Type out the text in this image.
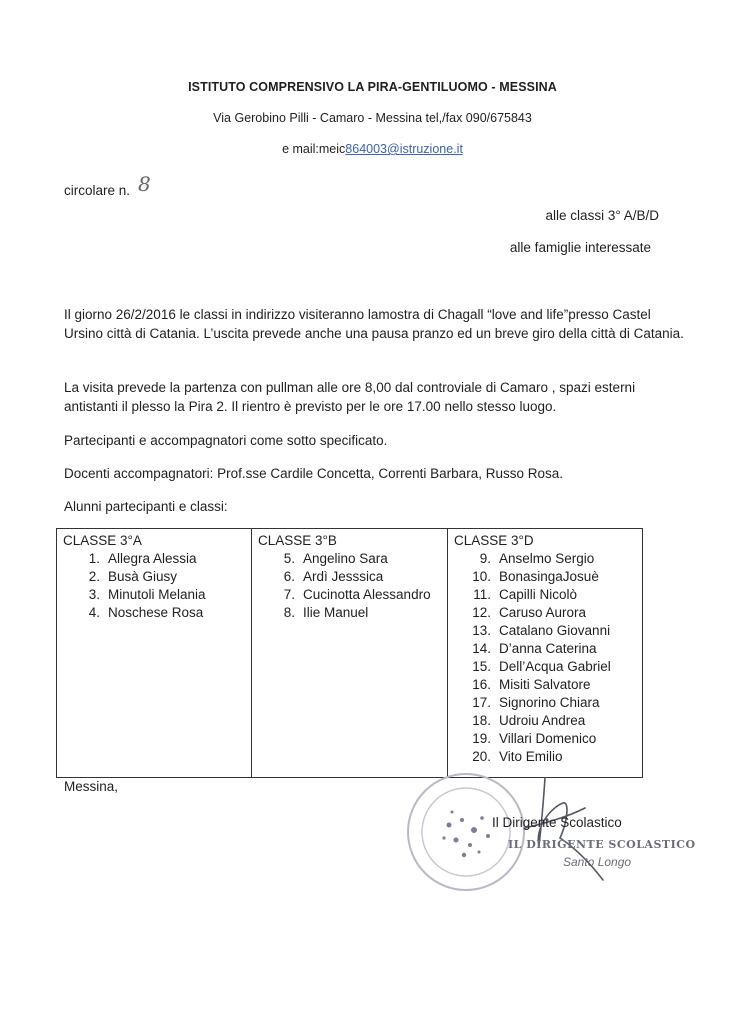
ISTITUTO COMPRENSIVO LA PIRA-GENTILUOMO - MESSINA
Via Gerobino Pilli - Camaro - Messina tel,/fax 090/675843
e mail:meic864003@istruzione.it
circolare n. 8
alle classi 3° A/B/D
alle famiglie interessate
Il giorno 26/2/2016 le classi in indirizzo visiteranno lamostra di Chagall “love and life”presso Castel Ursino città di Catania. L’uscita prevede anche una pausa pranzo ed un breve giro della città di Catania.
La visita prevede la partenza con pullman alle ore 8,00 dal controviale di Camaro , spazi esterni antistanti il plesso la Pira 2. Il rientro è previsto per le ore 17.00 nello stesso luogo.
Partecipanti e accompagnatori come sotto specificato.
Docenti accompagnatori: Prof.sse Cardile Concetta, Correnti Barbara, Russo Rosa.
Alunni partecipanti e classi:
CLASSE 3°A
1. Allegra Alessia
2. Busà Giusy
3. Minutoli Melania
4. Noschese Rosa

CLASSE 3°B
5. Angelino Sara
6. Ardì Jesssica
7. Cucinotta Alessandro
8. Ilie Manuel

CLASSE 3°D
9. Anselmo Sergio
10. BonasingaJosuè
11. Capilli Nicolò
12. Caruso Aurora
13. Catalano Giovanni
14. D’anna Caterina
15. Dell’Acqua Gabriel
16. Misiti Salvatore
17. Signorino Chiara
18. Udroiu Andrea
19. Villari Domenico
20. Vito Emilio
Messina,
Il Dirigente Scolastico
IL DIRIGENTE SCOLASTICO
Santo Longo
